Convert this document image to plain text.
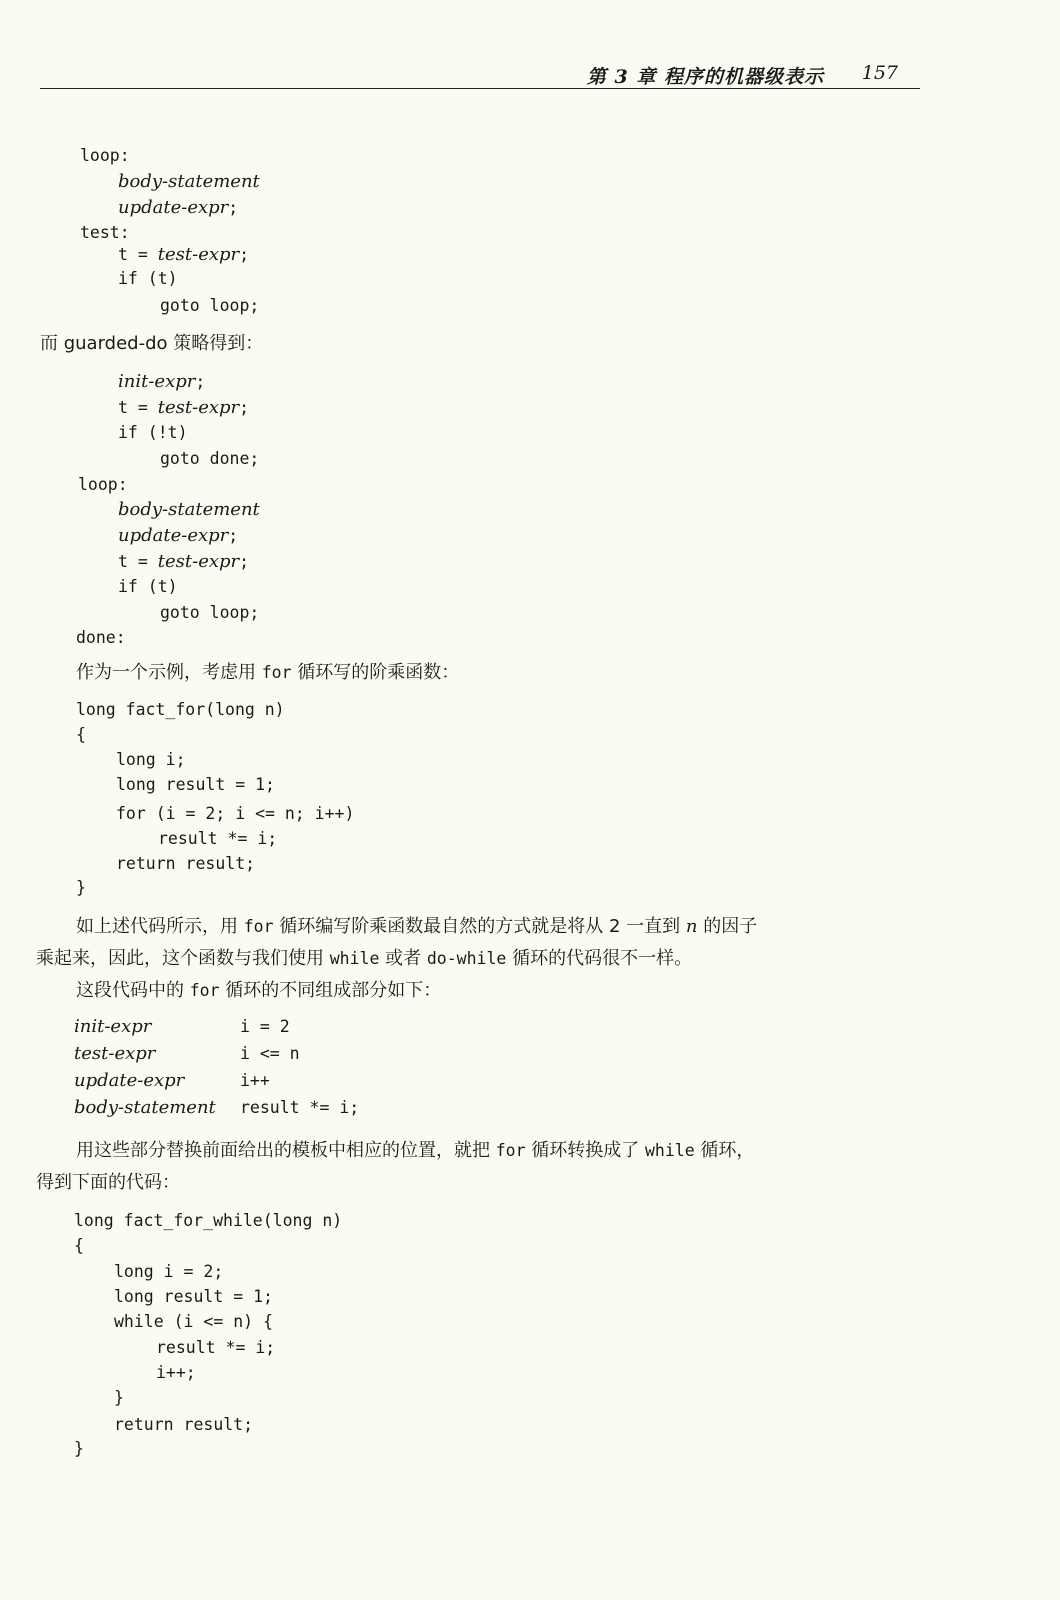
第 3 章 程序的机器级表示 157
loop:
body-statement
update-expr;
test:
t = test-expr;
if (t)
goto loop;
而 guarded-do 策略得到：
init-expr;
t = test-expr;
if (!t)
goto done;
loop:
body-statement
update-expr;
t = test-expr;
if (t)
goto loop;
done:
作为一个示例，考虑用 for 循环写的阶乘函数：
long fact_for(long n)
{
long i;
long result = 1;
for (i = 2; i <= n; i++)
result *= i;
return result;
}
如上述代码所示，用 for 循环编写阶乘函数最自然的方式就是将从 2 一直到 n 的因子
乘起来，因此，这个函数与我们使用 while 或者 do-while 循环的代码很不一样。
这段代码中的 for 循环的不同组成部分如下：
init-expr	i = 2
test-expr	i <= n
update-expr	i++
body-statement result *= i;
用这些部分替换前面给出的模板中相应的位置，就把 for 循环转换成了 while 循环，
得到下面的代码：
long fact_for_while(long n)
{
long i = 2;
long result = 1;
while (i <= n) {
result *= i;
i++;
}
return result;
}
